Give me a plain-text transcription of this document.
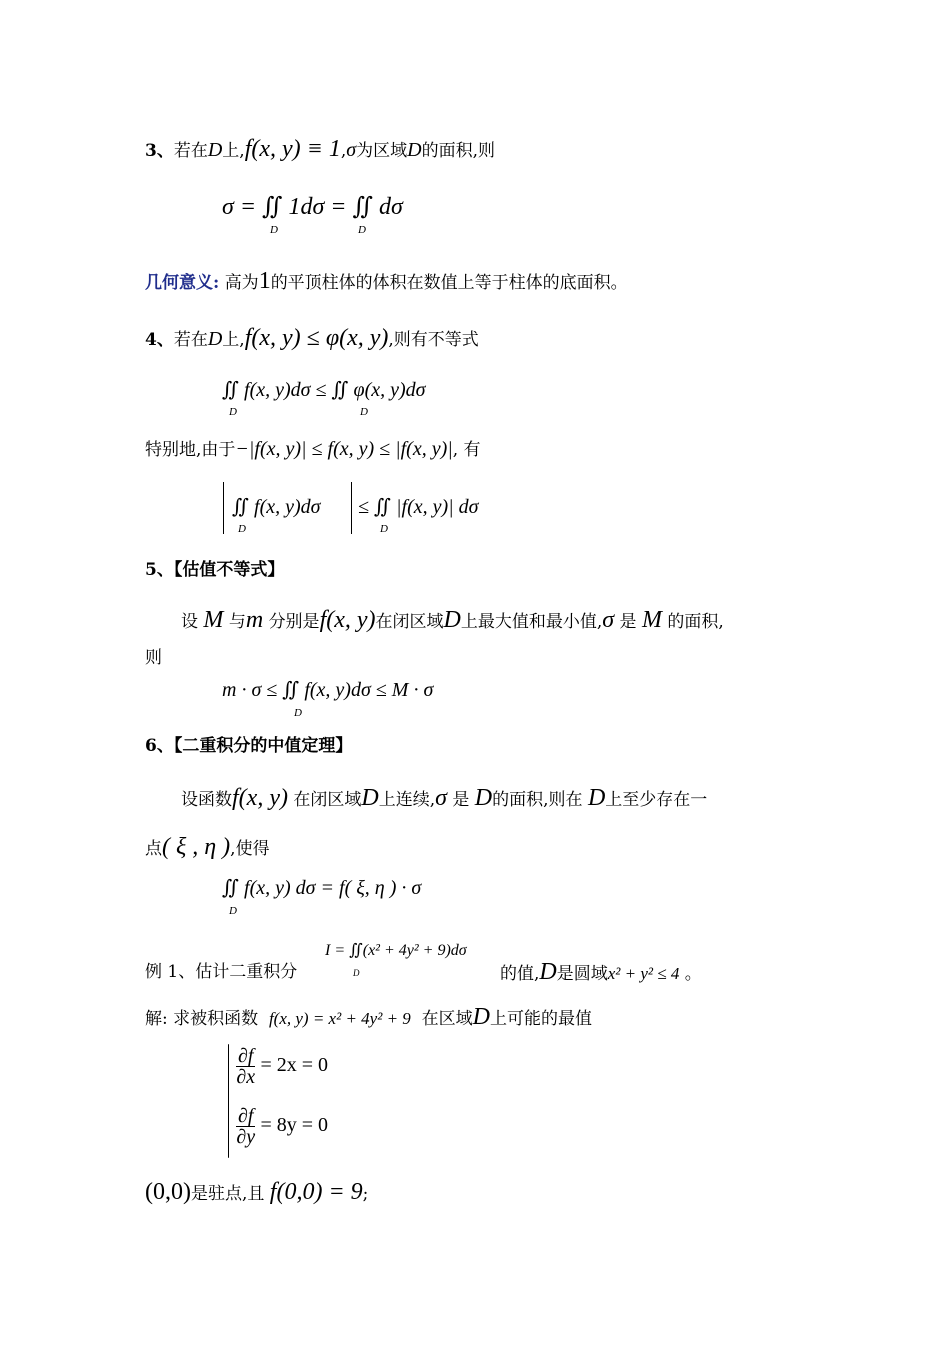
3、若在D上,f(x, y) ≡ 1,σ为区域D的面积,则
σ = ∬ 1dσ = ∬ dσ
D	D
几何意义: 高为1的平顶柱体的体积在数值上等于柱体的底面积。
4、若在D上,f(x, y) ≤ φ(x, y),则有不等式
∬ f(x, y)dσ ≤ ∬ φ(x, y)dσ
D	D
特别地,由于−|f(x, y)| ≤ f(x, y) ≤ |f(x, y)|, 有
∬ f(x, y)dσ ≤ ∬ |f(x, y)| dσ
D	D
5、【估值不等式】
设 M 与m 分别是f(x, y)在闭区域D上最大值和最小值,σ 是 M 的面积,
则
m · σ ≤ ∬ f(x, y)dσ ≤ M · σ
D
6、【二重积分的中值定理】
设函数f(x, y) 在闭区域D上连续,σ 是 D的面积,则在 D上至少存在一
点( ξ , η ),使得
∬ f(x, y) dσ = f( ξ, η ) · σ
D
例 1、估计二重积分
I = ∬(x² + 4y² + 9)dσ
D	的值,D是圆域x² + y² ≤ 4 。
解: 求被积函数 f(x, y) = x² + 4y² + 9 在区域D上可能的最值
$\frac{\partial f}{\partial x} = 2x = 0$
$\frac{\partial f}{\partial y} = 8y = 0$
(0,0)是驻点,且 f(0,0) = 9;
